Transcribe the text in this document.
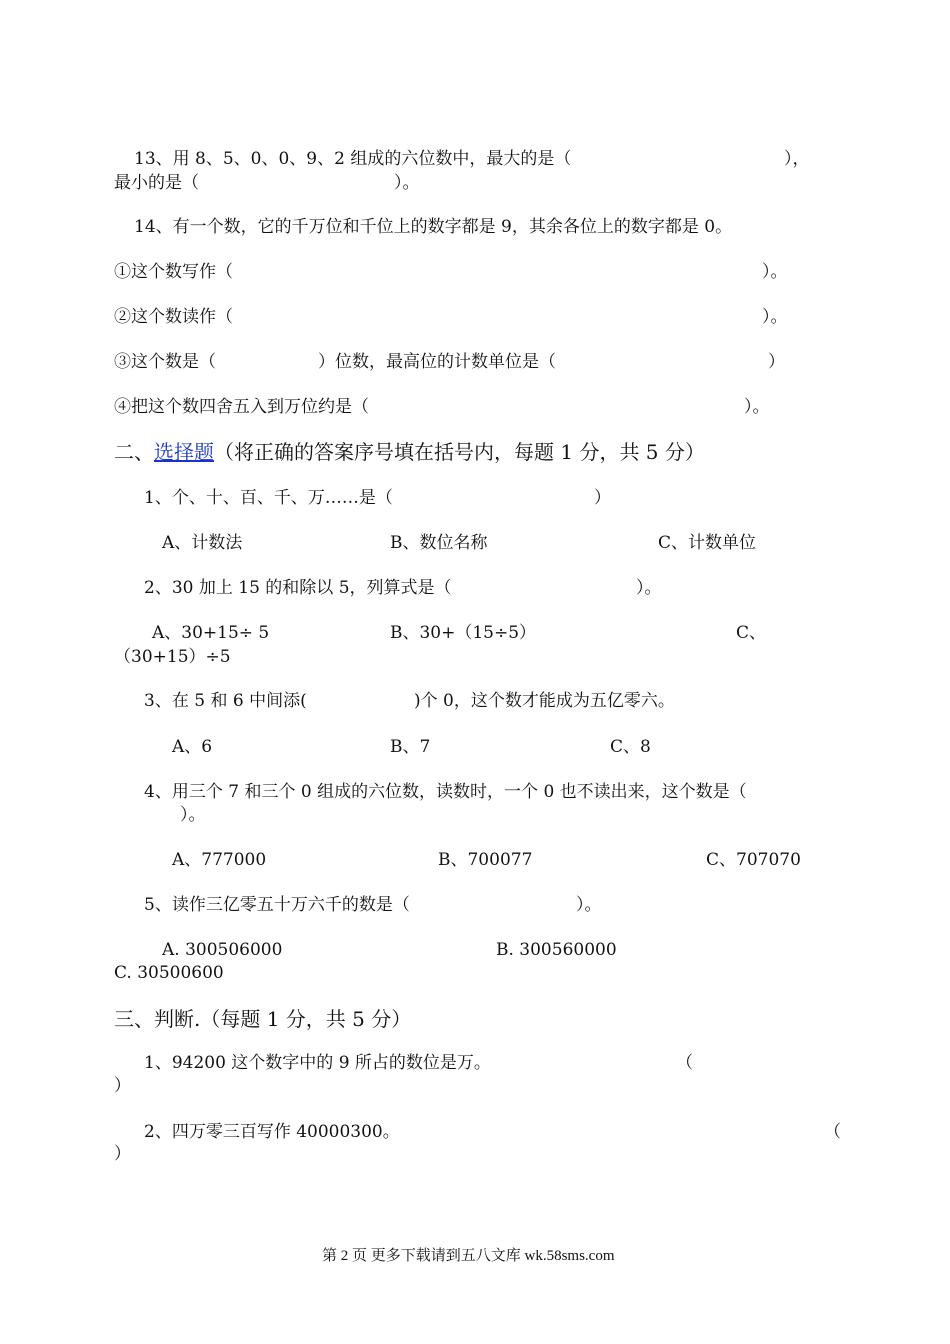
13、用 8、5、0、0、9、2 组成的六位数中，最大的是（	），
最小的是（	）。
14、有一个数，它的千万位和千位上的数字都是 9，其余各位上的数字都是 0。
①这个数写作（	）。
②这个数读作（	）。
③这个数是（	）位数，最高位的计数单位是（	）
④把这个数四舍五入到万位约是（	）。
二、选择题（将正确的答案序号填在括号内，每题 1 分，共 5 分）
1、个、十、百、千、万……是（	）
A、计数法	B、数位名称	C、计数单位
2、30 加上 15 的和除以 5，列算式是（	）。
A、30+15÷ 5	B、30+（15÷5）	C、
（30+15）÷5
3、在 5 和 6 中间添(	)个 0，这个数才能成为五亿零六。
A、6	B、7	C、8
4、用三个 7 和三个 0 组成的六位数，读数时，一个 0 也不读出来，这个数是（
）。
A、777000	B、700077	C、707070
5、读作三亿零五十万六千的数是（	）。
A. 300506000	B. 300560000
C. 30500600
三、判断.（每题 1 分，共 5 分）
1、94200 这个数字中的 9 所占的数位是万。	（
）
2、四万零三百写作 40000300。	（
）
第 2 页 更多下载请到五八文库 wk.58sms.com
